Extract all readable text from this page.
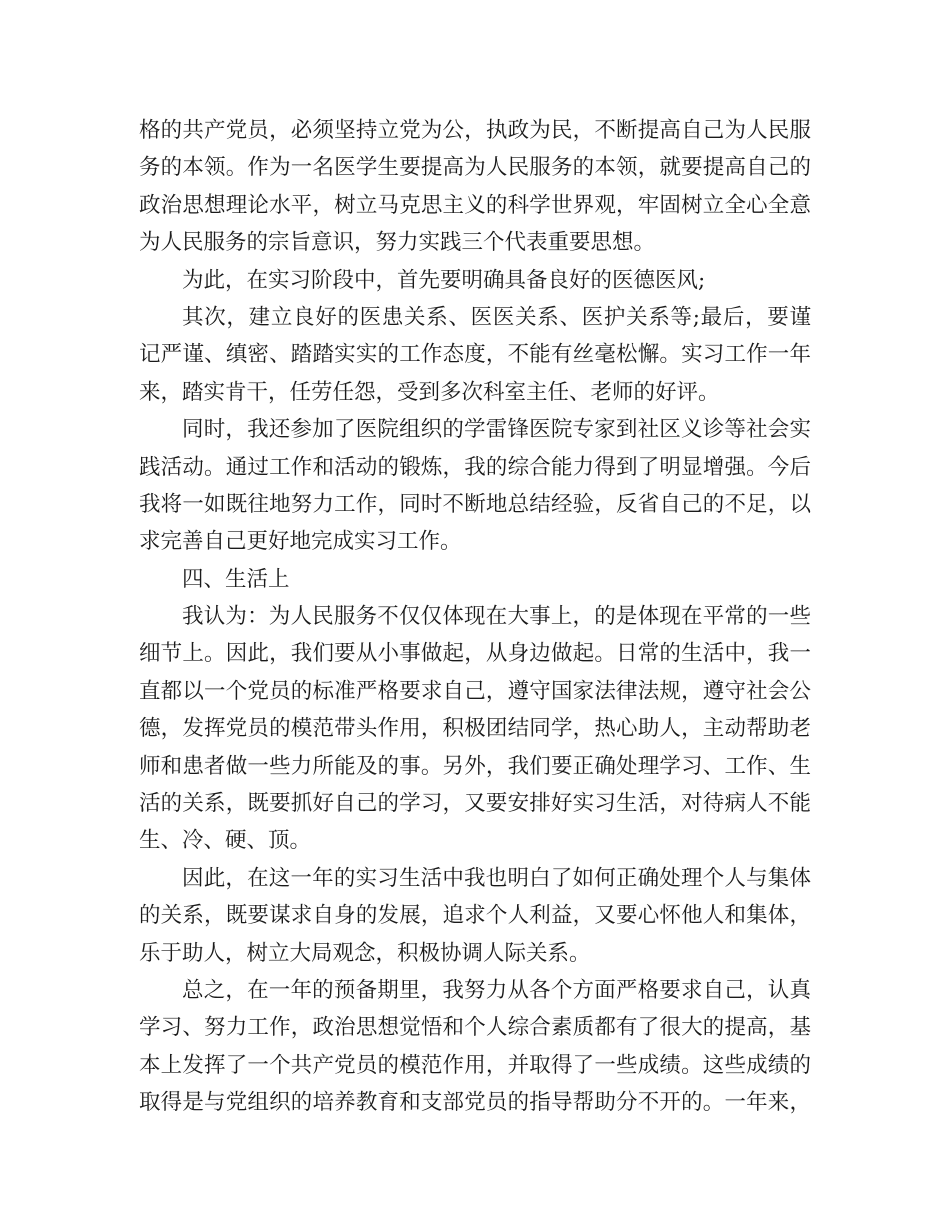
格的共产党员，必须坚持立党为公，执政为民，不断提高自己为人民服
务的本领。作为一名医学生要提高为人民服务的本领，就要提高自己的
政治思想理论水平，树立马克思主义的科学世界观，牢固树立全心全意
为人民服务的宗旨意识，努力实践三个代表重要思想。
为此，在实习阶段中，首先要明确具备良好的医德医风;
其次，建立良好的医患关系、医医关系、医护关系等;最后，要谨
记严谨、缜密、踏踏实实的工作态度，不能有丝毫松懈。实习工作一年
来，踏实肯干，任劳任怨，受到多次科室主任、老师的好评。
同时，我还参加了医院组织的学雷锋医院专家到社区义诊等社会实
践活动。通过工作和活动的锻炼，我的综合能力得到了明显增强。今后
我将一如既往地努力工作，同时不断地总结经验，反省自己的不足，以
求完善自己更好地完成实习工作。
四、生活上
我认为：为人民服务不仅仅体现在大事上，的是体现在平常的一些
细节上。因此，我们要从小事做起，从身边做起。日常的生活中，我一
直都以一个党员的标准严格要求自己，遵守国家法律法规，遵守社会公
德，发挥党员的模范带头作用，积极团结同学，热心助人，主动帮助老
师和患者做一些力所能及的事。另外，我们要正确处理学习、工作、生
活的关系，既要抓好自己的学习，又要安排好实习生活，对待病人不能
生、冷、硬、顶。
因此，在这一年的实习生活中我也明白了如何正确处理个人与集体
的关系，既要谋求自身的发展，追求个人利益，又要心怀他人和集体，
乐于助人，树立大局观念，积极协调人际关系。
总之，在一年的预备期里，我努力从各个方面严格要求自己，认真
学习、努力工作，政治思想觉悟和个人综合素质都有了很大的提高，基
本上发挥了一个共产党员的模范作用，并取得了一些成绩。这些成绩的
取得是与党组织的培养教育和支部党员的指导帮助分不开的。一年来，
